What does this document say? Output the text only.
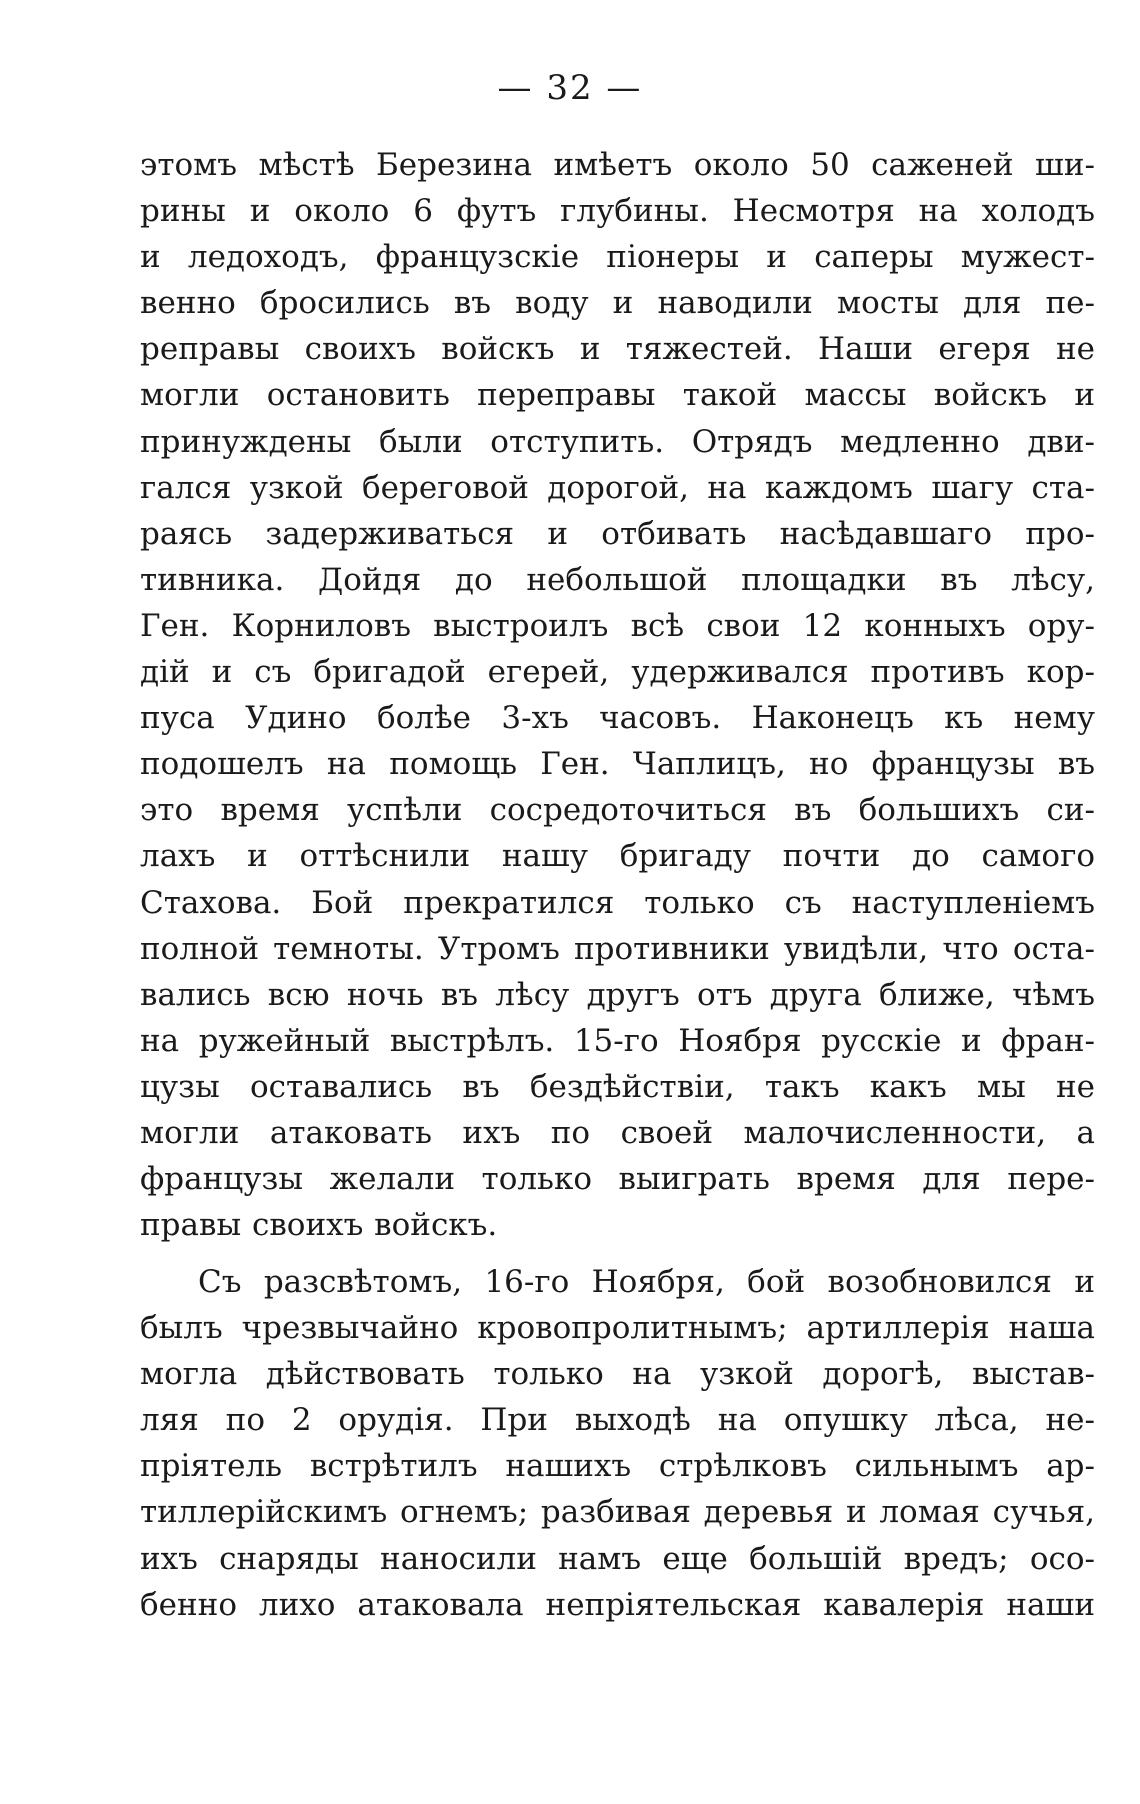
— 32 —
этомъ мѣстѣ Березина имѣетъ около 50 саженей ши-
рины и около 6 футъ глубины. Несмотря на холодъ
и ледоходъ, французскіе пiонеры и саперы мужест-
венно бросились въ воду и наводили мосты для пе-
реправы своихъ войскъ и тяжестей. Наши егеря не
могли остановить переправы такой массы войскъ и
принуждены были отступить. Отрядъ медленно дви-
гался узкой береговой дорогой, на каждомъ шагу ста-
раясь задерживаться и отбивать насѣдавшаго про-
тивника. Дойдя до небольшой площадки въ лѣсу,
Ген. Корниловъ выстроилъ всѣ свои 12 конныхъ ору-
дій и съ бригадой егерей, удерживался противъ кор-
пуса Удино болѣе 3-хъ часовъ. Наконецъ къ нему
подошелъ на помощь Ген. Чаплицъ, но французы въ
это время успѣли сосредоточиться въ большихъ си-
лахъ и оттѣснили нашу бригаду почти до самого
Стахова. Бой прекратился только съ наступленіемъ
полной темноты. Утромъ противники увидѣли, что оста-
вались всю ночь въ лѣсу другъ отъ друга ближе, чѣмъ
на ружейный выстрѣлъ. 15-го Ноября русскіе и фран-
цузы оставались въ бездѣйствіи, такъ какъ мы не
могли атаковать ихъ по своей малочисленности, а
французы желали только выиграть время для пере-
правы своихъ войскъ.
Съ разсвѣтомъ, 16-го Ноября, бой возобновился и
былъ чрезвычайно кровопролитнымъ; артиллерія наша
могла дѣйствовать только на узкой дорогѣ, выстав-
ляя по 2 орудія. При выходѣ на опушку лѣса, не-
пріятель встрѣтилъ нашихъ стрѣлковъ сильнымъ ар-
тиллерійскимъ огнемъ; разбивая деревья и ломая сучья,
ихъ снаряды наносили намъ еще большій вредъ; осо-
бенно лихо атаковала непріятельская кавалерія наши
